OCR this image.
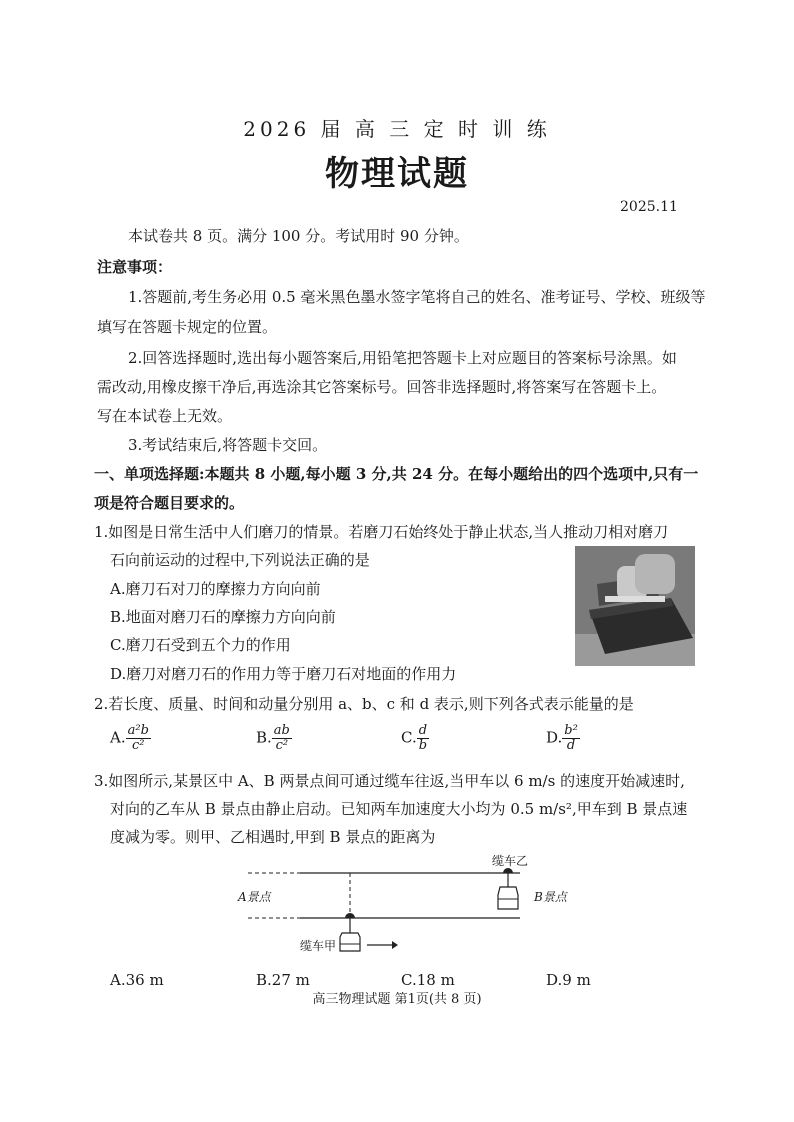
2026 届 高 三 定 时 训 练
物理试题
2025.11
本试卷共 8 页。满分 100 分。考试用时 90 分钟。
注意事项：
1.答题前,考生务必用 0.5 毫米黑色墨水签字笔将自己的姓名、准考证号、学校、班级等
填写在答题卡规定的位置。
2.回答选择题时,选出每小题答案后,用铅笔把答题卡上对应题目的答案标号涂黑。如
需改动,用橡皮擦干净后,再选涂其它答案标号。回答非选择题时,将答案写在答题卡上。
写在本试卷上无效。
3.考试结束后,将答题卡交回。
一、单项选择题:本题共 8 小题,每小题 3 分,共 24 分。在每小题给出的四个选项中,只有一
项是符合题目要求的。
1.如图是日常生活中人们磨刀的情景。若磨刀石始终处于静止状态,当人推动刀相对磨刀
石向前运动的过程中,下列说法正确的是
A.磨刀石对刀的摩擦力方向向前
B.地面对磨刀石的摩擦力方向向前
C.磨刀石受到五个力的作用
D.磨刀对磨刀石的作用力等于磨刀石对地面的作用力
2.若长度、质量、时间和动量分别用 a、b、c 和 d 表示,则下列各式表示能量的是
A. $\frac{\text{a²b}}{\text{c²}}$	B. $\frac{ab}{\text{c²}}$	C. $\frac{d}{b}$	D. $\frac{\text{b²}}{d}$
3.如图所示,某景区中 A、B 两景点间可通过缆车往返,当甲车以 6 m/s 的速度开始减速时,
对向的乙车从 B 景点由静止启动。已知两车加速度大小均为 0.5 m/s²,甲车到 B 景点速
度减为零。则甲、乙相遇时,甲到 B 景点的距离为
缆车乙
A景点	B景点
缆车甲
A.36 m	B.27 m	C.18 m	D.9 m
高三物理试题 第1页(共 8 页)
